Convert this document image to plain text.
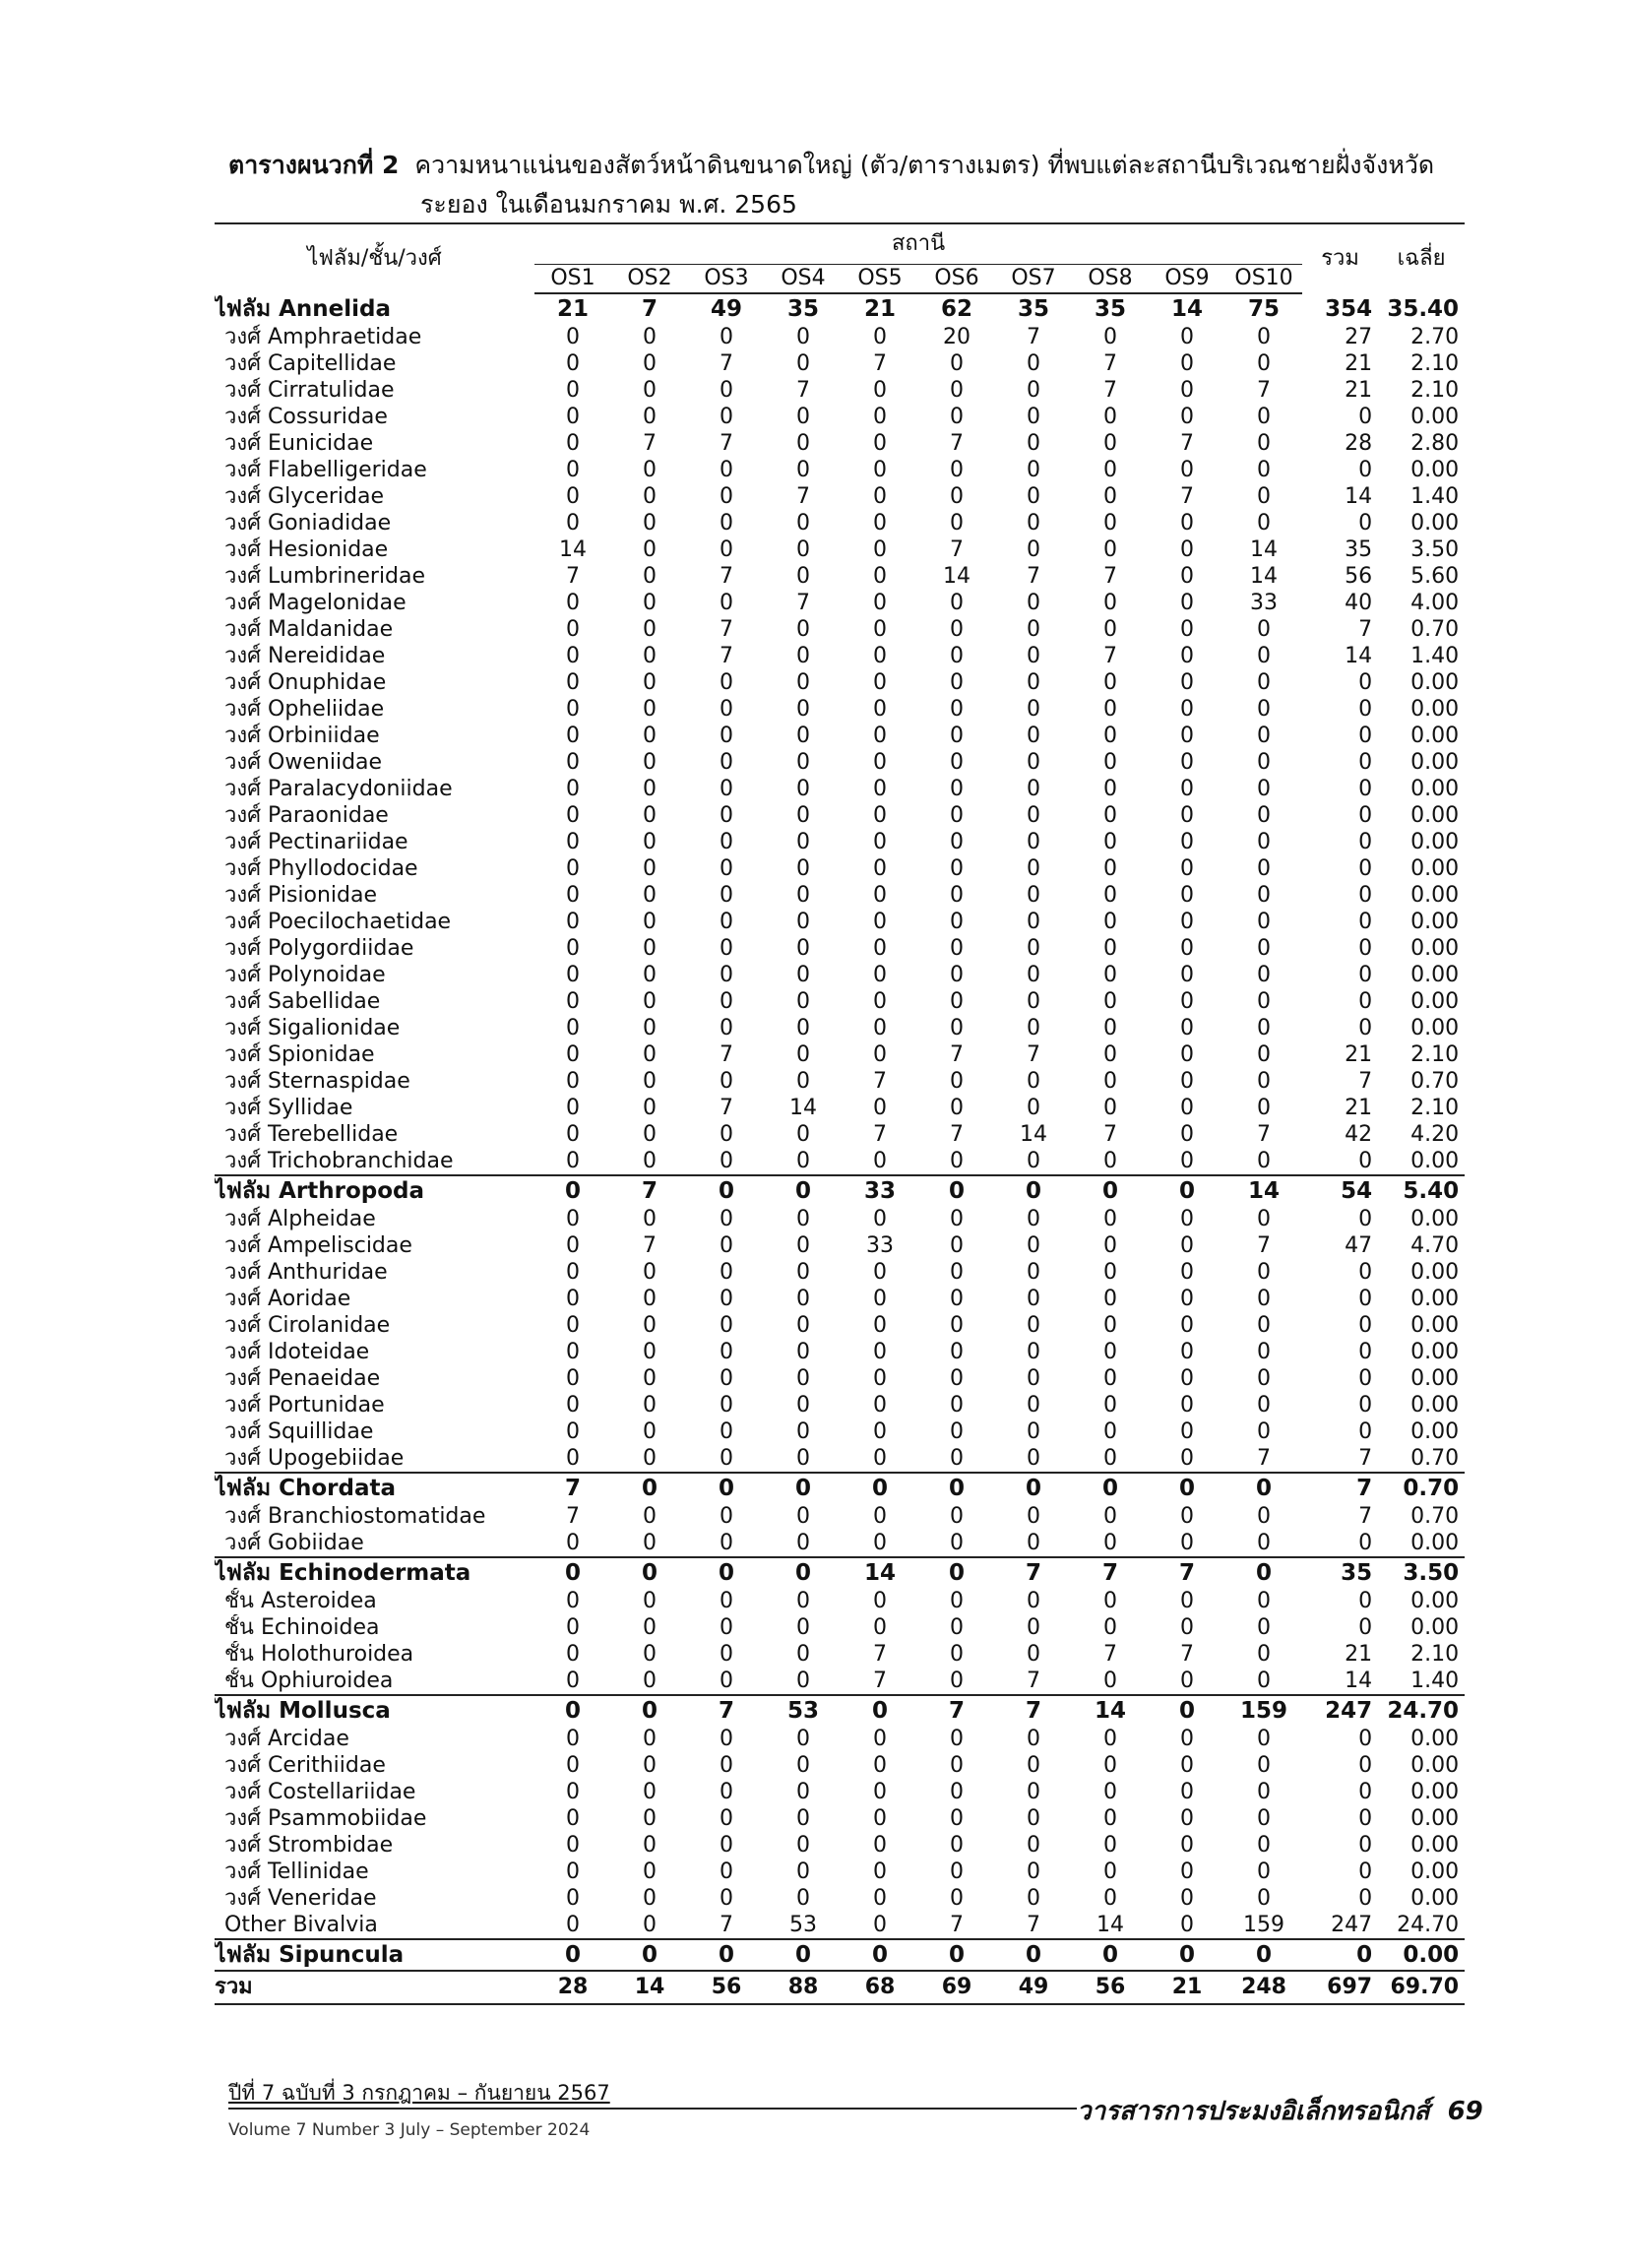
ตารางผนวกที่ 2 ความหนาแน่นของสัตว์หน้าดินขนาดใหญ่ (ตัว/ตารางเมตร) ที่พบแต่ละสถานีบริเวณชายฝั่งจังหวัด
ระยอง ในเดือนมกราคม พ.ศ. 2565
ไฟลัม/ชั้น/วงศ์	สถานี										รวม	เฉลี่ย
	OS1	OS2	OS3	OS4	OS5	OS6	OS7	OS8	OS9	OS10		
ไฟลัม Annelida	21	7	49	35	21	62	35	35	14	75	354	35.40
วงศ์ Amphraetidae	0	0	0	0	0	20	7	0	0	0	27	2.70
วงศ์ Capitellidae	0	0	7	0	7	0	0	7	0	0	21	2.10
วงศ์ Cirratulidae	0	0	0	7	0	0	0	7	0	7	21	2.10
วงศ์ Cossuridae	0	0	0	0	0	0	0	0	0	0	0	0.00
วงศ์ Eunicidae	0	7	7	0	0	7	0	0	7	0	28	2.80
วงศ์ Flabelligeridae	0	0	0	0	0	0	0	0	0	0	0	0.00
วงศ์ Glyceridae	0	0	0	7	0	0	0	0	7	0	14	1.40
วงศ์ Goniadidae	0	0	0	0	0	0	0	0	0	0	0	0.00
วงศ์ Hesionidae	14	0	0	0	0	7	0	0	0	14	35	3.50
วงศ์ Lumbrineridae	7	0	7	0	0	14	7	7	0	14	56	5.60
วงศ์ Magelonidae	0	0	0	7	0	0	0	0	0	33	40	4.00
วงศ์ Maldanidae	0	0	7	0	0	0	0	0	0	0	7	0.70
วงศ์ Nereididae	0	0	7	0	0	0	0	7	0	0	14	1.40
วงศ์ Onuphidae	0	0	0	0	0	0	0	0	0	0	0	0.00
วงศ์ Opheliidae	0	0	0	0	0	0	0	0	0	0	0	0.00
วงศ์ Orbiniidae	0	0	0	0	0	0	0	0	0	0	0	0.00
วงศ์ Oweniidae	0	0	0	0	0	0	0	0	0	0	0	0.00
วงศ์ Paralacydoniidae	0	0	0	0	0	0	0	0	0	0	0	0.00
วงศ์ Paraonidae	0	0	0	0	0	0	0	0	0	0	0	0.00
วงศ์ Pectinariidae	0	0	0	0	0	0	0	0	0	0	0	0.00
วงศ์ Phyllodocidae	0	0	0	0	0	0	0	0	0	0	0	0.00
วงศ์ Pisionidae	0	0	0	0	0	0	0	0	0	0	0	0.00
วงศ์ Poecilochaetidae	0	0	0	0	0	0	0	0	0	0	0	0.00
วงศ์ Polygordiidae	0	0	0	0	0	0	0	0	0	0	0	0.00
วงศ์ Polynoidae	0	0	0	0	0	0	0	0	0	0	0	0.00
วงศ์ Sabellidae	0	0	0	0	0	0	0	0	0	0	0	0.00
วงศ์ Sigalionidae	0	0	0	0	0	0	0	0	0	0	0	0.00
วงศ์ Spionidae	0	0	7	0	0	7	7	0	0	0	21	2.10
วงศ์ Sternaspidae	0	0	0	0	7	0	0	0	0	0	7	0.70
วงศ์ Syllidae	0	0	7	14	0	0	0	0	0	0	21	2.10
วงศ์ Terebellidae	0	0	0	0	7	7	14	7	0	7	42	4.20
วงศ์ Trichobranchidae	0	0	0	0	0	0	0	0	0	0	0	0.00
ไฟลัม Arthropoda	0	7	0	0	33	0	0	0	0	14	54	5.40
วงศ์ Alpheidae	0	0	0	0	0	0	0	0	0	0	0	0.00
วงศ์ Ampeliscidae	0	7	0	0	33	0	0	0	0	7	47	4.70
วงศ์ Anthuridae	0	0	0	0	0	0	0	0	0	0	0	0.00
วงศ์ Aoridae	0	0	0	0	0	0	0	0	0	0	0	0.00
วงศ์ Cirolanidae	0	0	0	0	0	0	0	0	0	0	0	0.00
วงศ์ Idoteidae	0	0	0	0	0	0	0	0	0	0	0	0.00
วงศ์ Penaeidae	0	0	0	0	0	0	0	0	0	0	0	0.00
วงศ์ Portunidae	0	0	0	0	0	0	0	0	0	0	0	0.00
วงศ์ Squillidae	0	0	0	0	0	0	0	0	0	0	0	0.00
วงศ์ Upogebiidae	0	0	0	0	0	0	0	0	0	7	7	0.70
ไฟลัม Chordata	7	0	0	0	0	0	0	0	0	0	7	0.70
วงศ์ Branchiostomatidae	7	0	0	0	0	0	0	0	0	0	7	0.70
วงศ์ Gobiidae	0	0	0	0	0	0	0	0	0	0	0	0.00
ไฟลัม Echinodermata	0	0	0	0	14	0	7	7	7	0	35	3.50
ชั้น Asteroidea	0	0	0	0	0	0	0	0	0	0	0	0.00
ชั้น Echinoidea	0	0	0	0	0	0	0	0	0	0	0	0.00
ชั้น Holothuroidea	0	0	0	0	7	0	0	7	7	0	21	2.10
ชั้น Ophiuroidea	0	0	0	0	7	0	7	0	0	0	14	1.40
ไฟลัม Mollusca	0	0	7	53	0	7	7	14	0	159	247	24.70
วงศ์ Arcidae	0	0	0	0	0	0	0	0	0	0	0	0.00
วงศ์ Cerithiidae	0	0	0	0	0	0	0	0	0	0	0	0.00
วงศ์ Costellariidae	0	0	0	0	0	0	0	0	0	0	0	0.00
วงศ์ Psammobiidae	0	0	0	0	0	0	0	0	0	0	0	0.00
วงศ์ Strombidae	0	0	0	0	0	0	0	0	0	0	0	0.00
วงศ์ Tellinidae	0	0	0	0	0	0	0	0	0	0	0	0.00
วงศ์ Veneridae	0	0	0	0	0	0	0	0	0	0	0	0.00
Other Bivalvia	0	0	7	53	0	7	7	14	0	159	247	24.70
ไฟลัม Sipuncula	0	0	0	0	0	0	0	0	0	0	0	0.00
รวม	28	14	56	88	68	69	49	56	21	248	697	69.70
ปีที่ 7 ฉบับที่ 3 กรกฎาคม – กันยายน 2567
วารสารการประมงอิเล็กทรอนิกส์ 69
Volume 7 Number 3 July – September 2024
